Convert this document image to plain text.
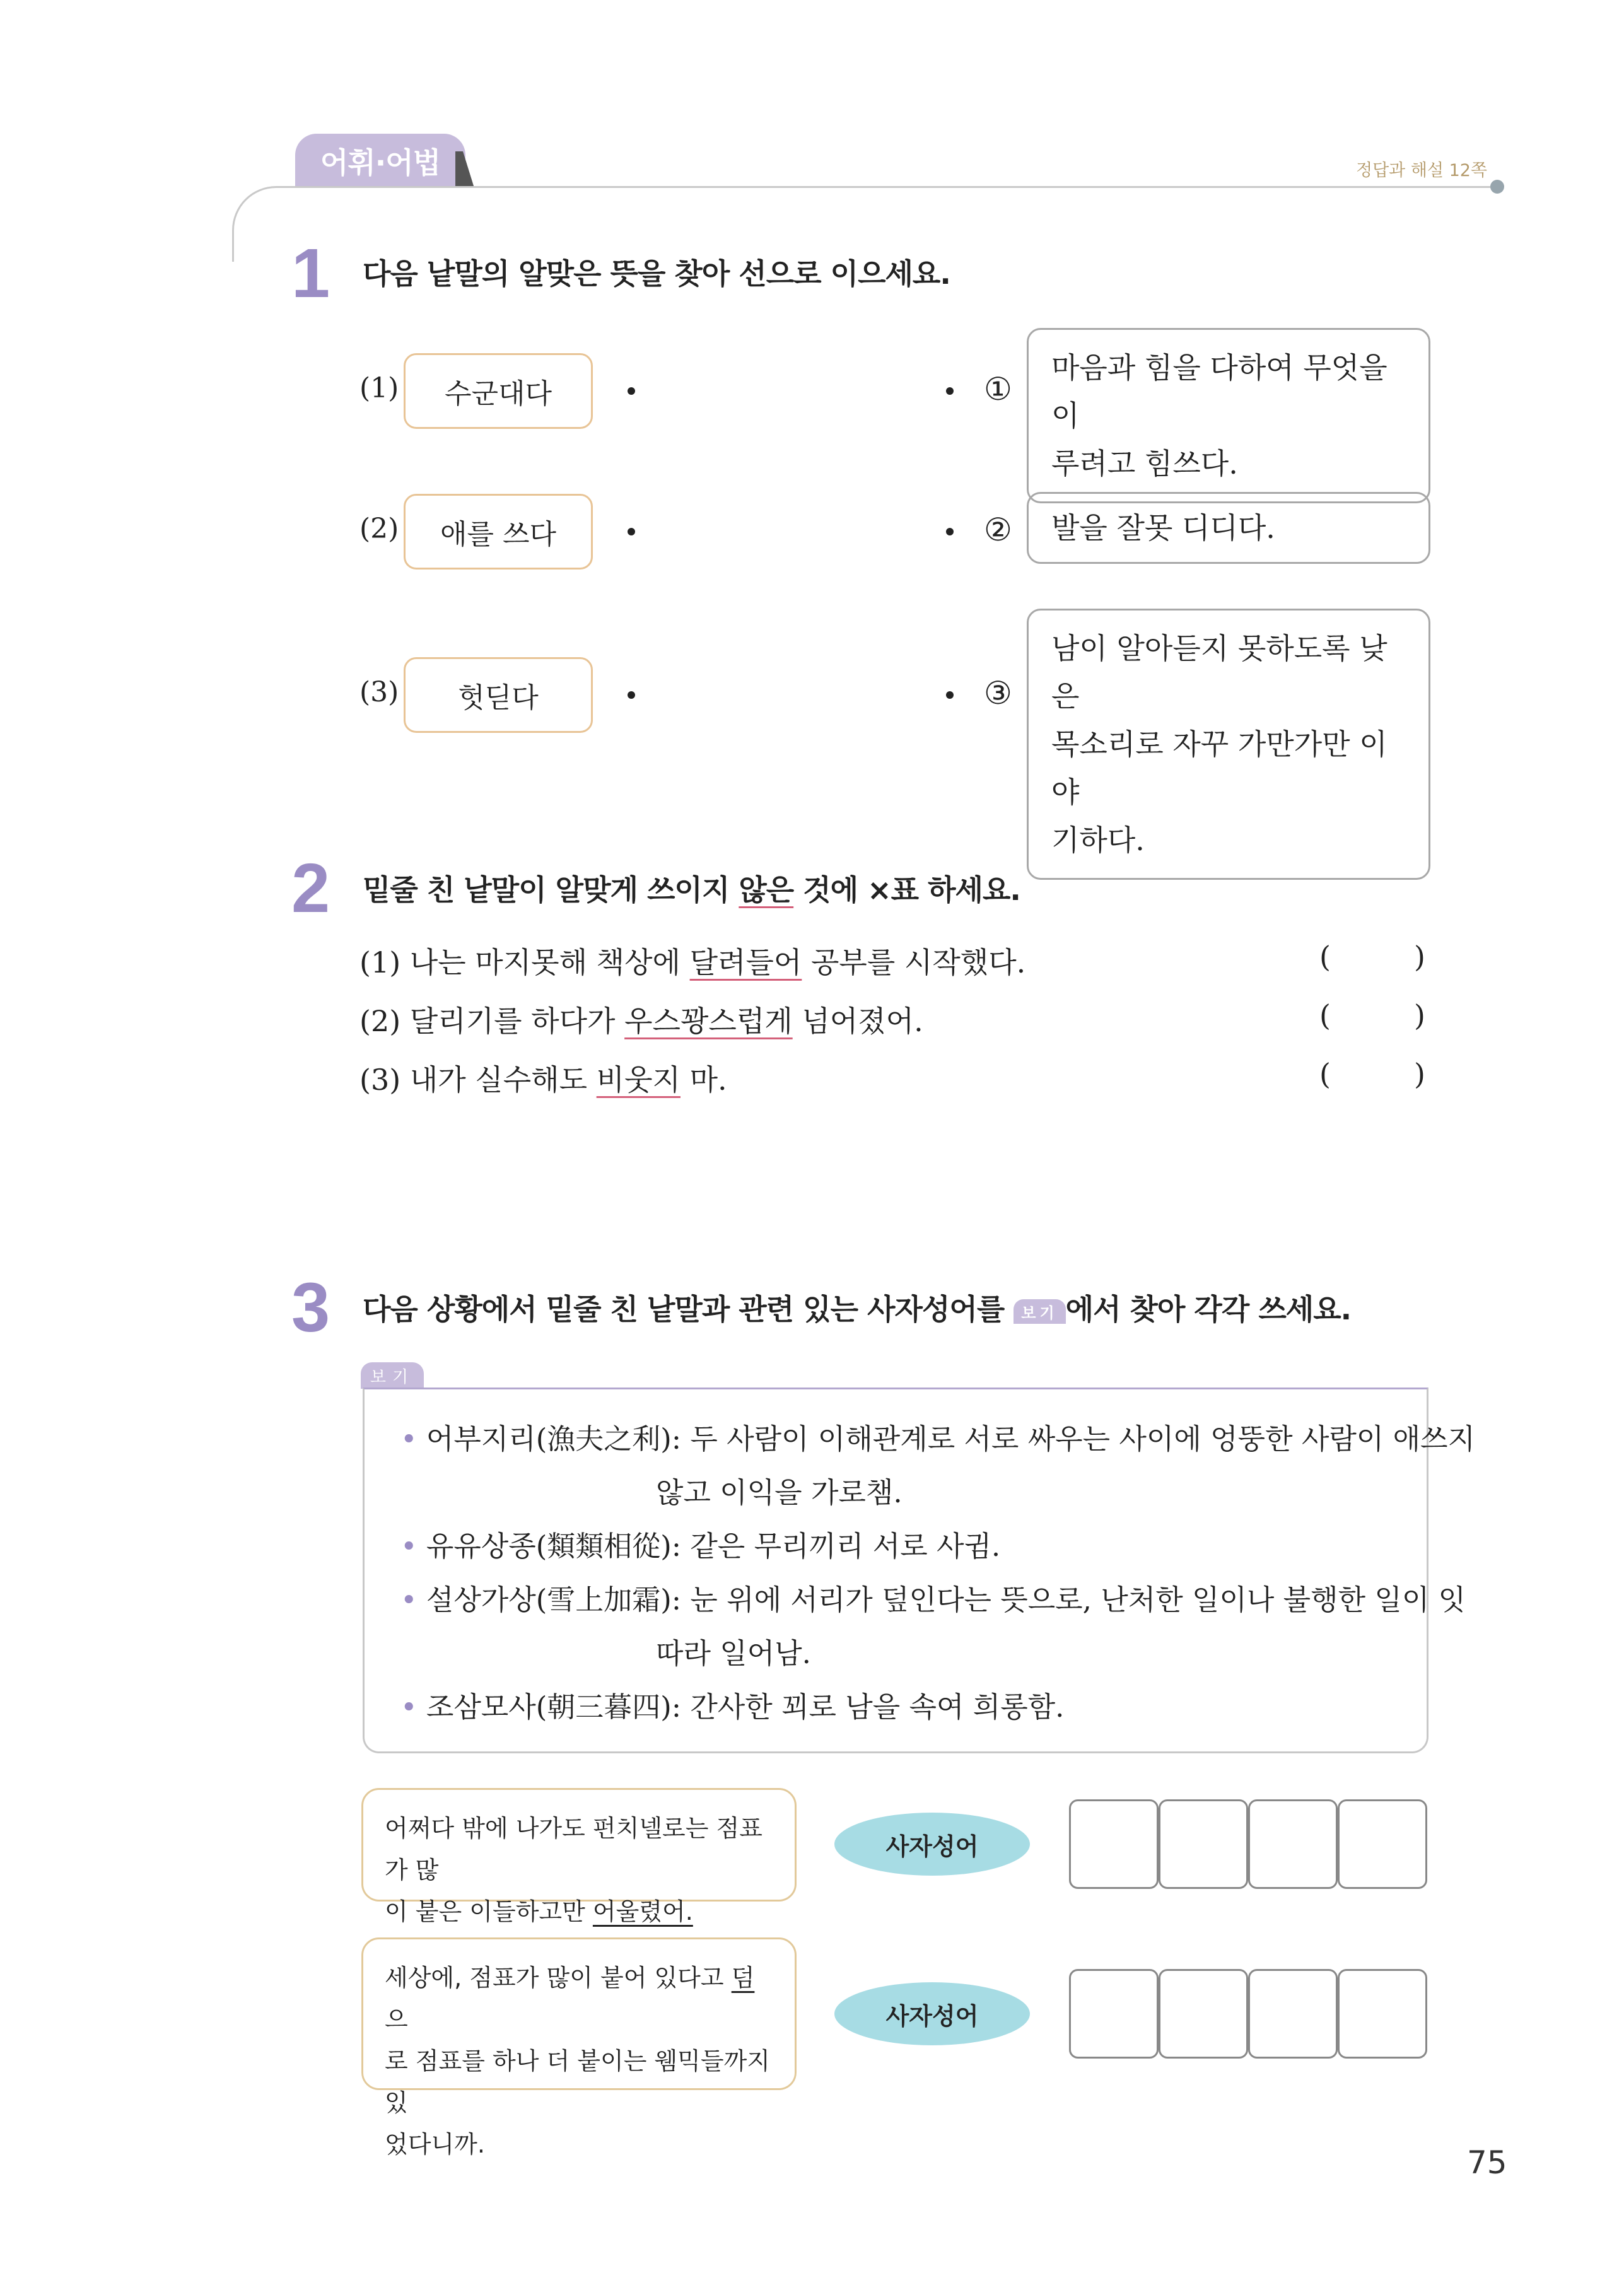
어휘·어법	정답과 해설 12쪽
1 다음 낱말의 알맞은 뜻을 찾아 선으로 이으세요.
(1)	수군대다
(2)	애를 쓰다
(3)	헛딛다
①
마음과 힘을 다하여 무엇을 이
루려고 힘쓰다.
② 발을 잘못 디디다.
③
남이 알아듣지 못하도록 낮은
목소리로 자꾸 가만가만 이야
기하다.
2 밑줄 친 낱말이 알맞게 쓰이지 않은 것에 ×표 하세요.
(1) 나는 마지못해 책상에 달려들어 공부를 시작했다.	(	)
(2) 달리기를 하다가 우스꽝스럽게 넘어졌어.	(	)
(3) 내가 실수해도 비웃지 마.	(	)
3 다음 상황에서 밑줄 친 낱말과 관련 있는 사자성어를 보기 에서 찾아 각각 쓰세요.
보기
• 어부지리(漁夫之利): 두 사람이 이해관계로 서로 싸우는 사이에 엉뚱한 사람이 애쓰지
않고 이익을 가로챔.
• 유유상종(類類相從): 같은 무리끼리 서로 사귐.
• 설상가상(雪上加霜): 눈 위에 서리가 덮인다는 뜻으로, 난처한 일이나 불행한 일이 잇
따라 일어남.
• 조삼모사(朝三暮四): 간사한 꾀로 남을 속여 희롱함.
어쩌다 밖에 나가도 펀치넬로는 점표가 많
이 붙은 이들하고만 어울렸어.
사자성어
세상에, 점표가 많이 붙어 있다고 덤으
로 점표를 하나 더 붙이는 웸믹들까지 있
었다니까.
사자성어
75
